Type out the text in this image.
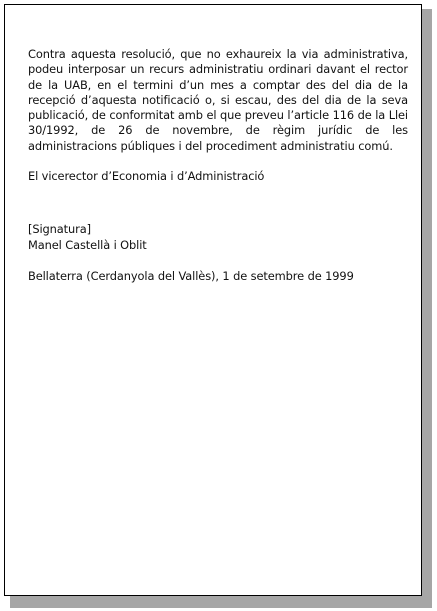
Contra aquesta resolució, que no exhaureix la via administrativa, podeu interposar un recurs administratiu ordinari davant el rector de la UAB, en el termini d’un mes a comptar des del dia de la recepció d’aquesta notificació o, si escau, des del dia de la seva publicació, de conformitat amb el que preveu l’article 116 de la Llei 30/1992, de 26 de novembre, de règim jurídic de les administracions públiques i del procediment administratiu comú.

El vicerector d’Economia i d’Administració

[Signatura]

Manel Castellà i Oblit

Bellaterra (Cerdanyola del Vallès), 1 de setembre de 1999
